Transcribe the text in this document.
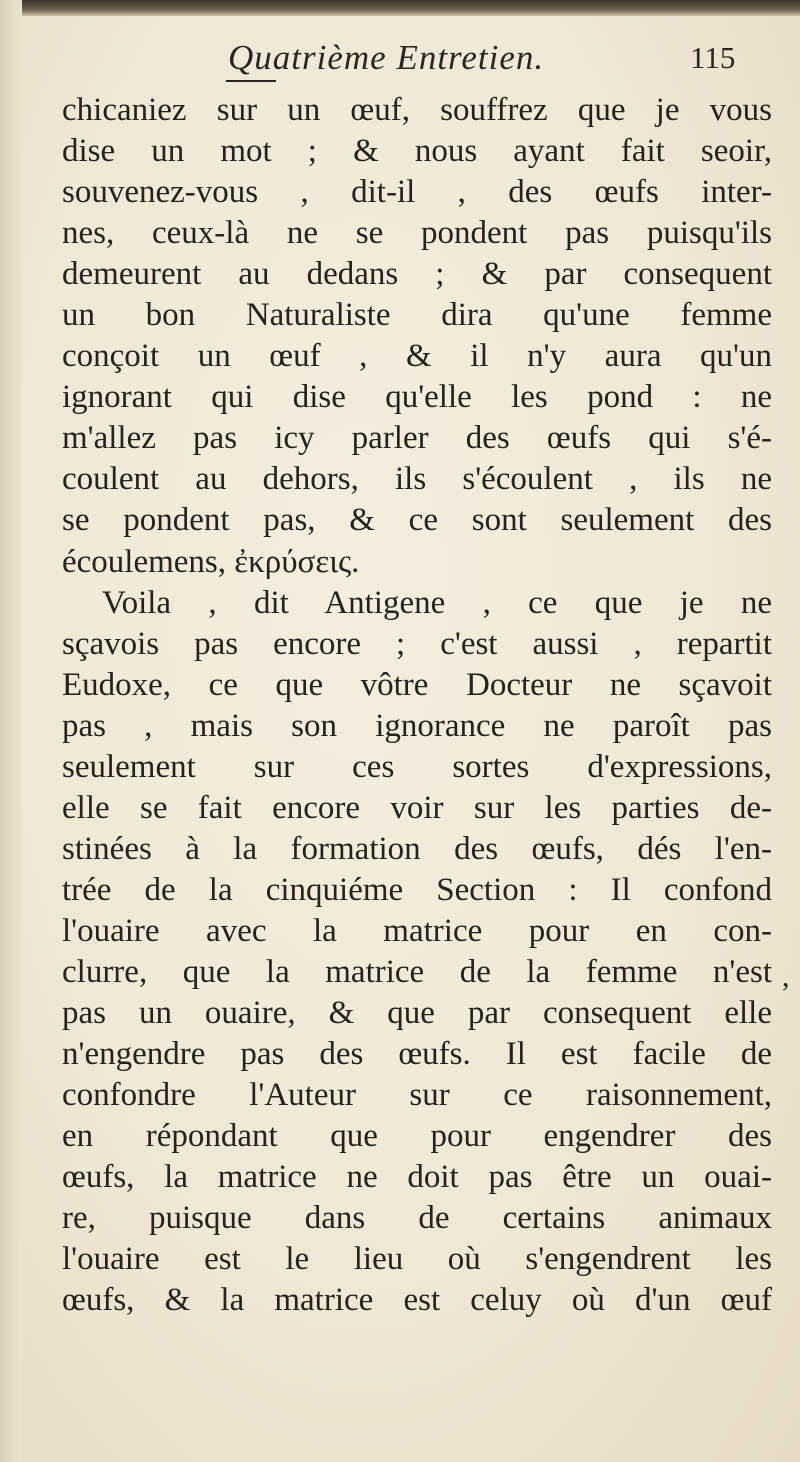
Quatrième Entretien.	115
chicaniez sur un œuf, souffrez que je vous
dise un mot ; & nous ayant fait seoir,
souvenez-vous , dit-il , des œufs inter-
nes, ceux-là ne se pondent pas puisqu'ils
demeurent au dedans ; & par consequent
un bon Naturaliste dira qu'une femme
conçoit un œuf , & il n'y aura qu'un
ignorant qui dise qu'elle les pond : ne
m'allez pas icy parler des œufs qui s'é-
coulent au dehors, ils s'écoulent , ils ne
se pondent pas, & ce sont seulement des
écoulemens, ἐκρύσεις.
Voila , dit Antigene , ce que je ne
sçavois pas encore ; c'est aussi , repartit
Eudoxe, ce que vôtre Docteur ne sçavoit
pas , mais son ignorance ne paroît pas
seulement sur ces sortes d'expressions,
elle se fait encore voir sur les parties de-
stinées à la formation des œufs, dés l'en-
trée de la cinquiéme Section : Il confond
l'ouaire avec la matrice pour en con-
clurre, que la matrice de la femme n'est
pas un ouaire, & que par consequent elle
n'engendre pas des œufs. Il est facile de
confondre l'Auteur sur ce raisonnement,
en répondant que pour engendrer des
œufs, la matrice ne doit pas être un ouai-
re, puisque dans de certains animaux
l'ouaire est le lieu où s'engendrent les
œufs, & la matrice est celuy où d'un œuf
,
